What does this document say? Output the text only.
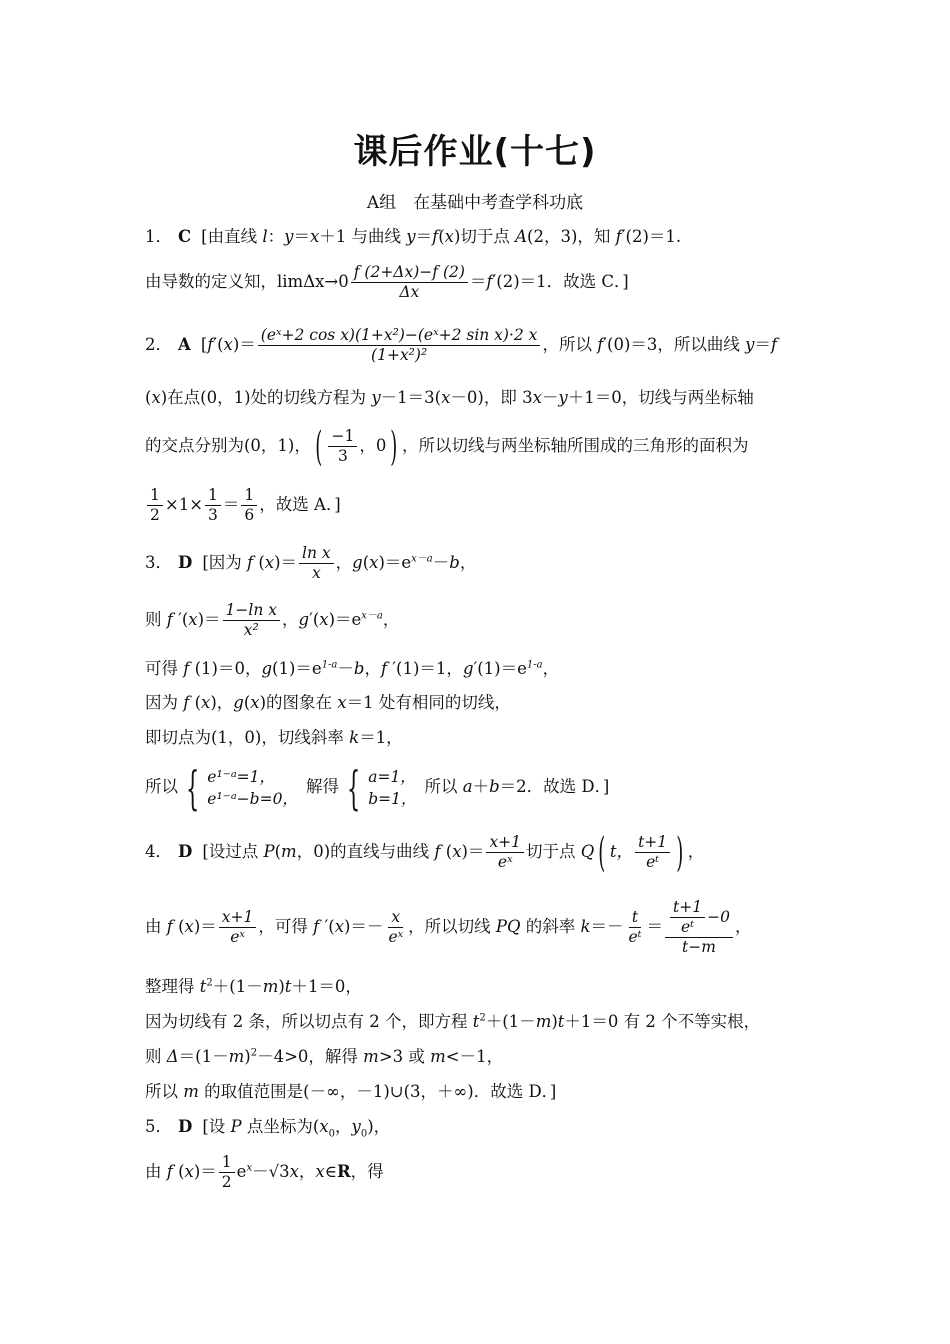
课后作业(十七)
A组　在基础中考查学科功底
1． C [由直线 l：y＝x＋1 与曲线 y＝f(x)切于点 A(2，3)，知 f′(2)＝1.
由导数的定义知，$\lim\Delta x\to 0 \frac{f (2+\Delta x)-f (2)}{\Delta x} =f'(2)=1$．故选 C．]
2． A [$f'(x)= \frac{\text{(eˣ+2 cos x)(1+x²)−(eˣ+2 sin x)·2 x}}{\text{(1+x²)²}}$ ，所以 f′(0)＝3，所以曲线 y＝f
(x)在点(0，1)处的切线方程为 y－1＝3(x－0)，即 3x－y＋1＝0，切线与两坐标轴
的交点分别为(0，1)， ( $\frac{-1}{3}$ ，0 ) ，所以切线与两坐标轴所围成的三角形的面积为
$\frac{1}{2} \times 1\times \frac{1}{3} = \frac{1}{6}$ ，故选 A．]
3． D [因为 f $(x)= \frac{\text{ln x}}{x}$ ，$g(x)=e^{x-a}-b$，
则 f $'(x)= \frac{\text{1−ln x}}{\text{x²}}$ ，$g'(x)=e^{x-a}$，
可得 f (1)＝0，$g(1)=e^{1-a}-b$，f ′(1)＝1，$g'(1)=e^{1-a}$，
因为 f (x)，g(x)的图象在 x＝1 处有相同的切线，
即切点为(1，0)，切线斜率 k＝1，
所以 { e¹⁻ᵃ=1，
e¹⁻ᵃ−b=0，
解得 { a=1，
b=1，
所以 a＋b＝2．故选 D．]
4． D [设过点 P(m，0)的直线与曲线 f $(x)= \frac{x+1}{\text{eˣ}}$ 切于点 Q ( t， $\frac{t+1}{\text{eᵗ}}$ ) ，
由 f $(x)= \frac{x+1}{\text{eˣ}}$ ，可得 f $'(x)=- \frac{x}{\text{eˣ}}$ ，所以切线 PQ 的斜率 $k=- \frac{t}{\text{eᵗ}} = \frac{\frac{t+1}{\text{eᵗ}} -0}{t-m}$ ，
整理得 $t^2+(1-m)t+1=0$，
因为切线有 2 条，所以切点有 2 个，即方程 $t^2+(1-m)t+1=0$ 有 2 个不等实根，
则 $\Delta=(1-m)^2-4>0$，解得 m>3 或 m<－1，
所以 m 的取值范围是(－∞，－1)∪(3，＋∞)．故选 D．]
5． D [设 P 点坐标为($x_0$，$y_0$)，
由 f $(x)= \frac{1}{2} e^x-√3x$，x∈R，得
